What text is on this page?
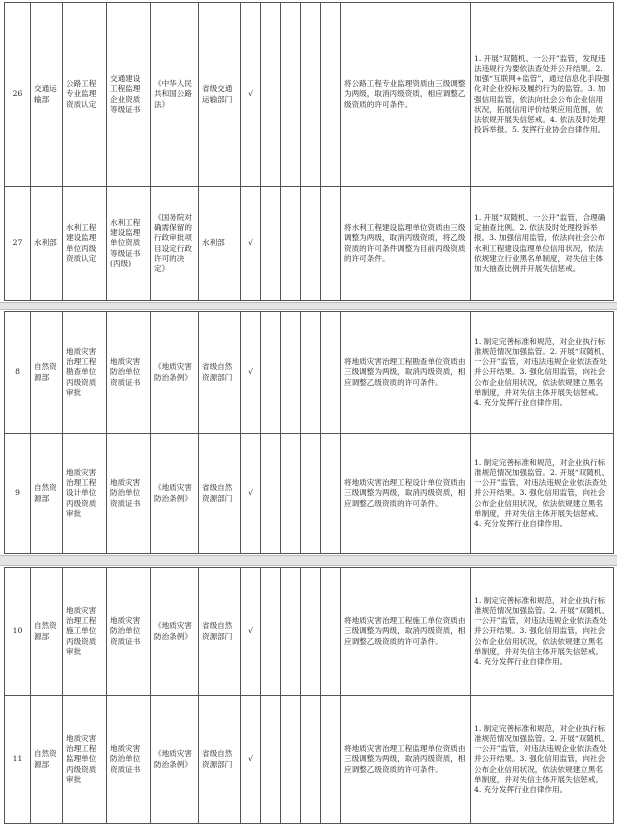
26	交通运输部	公路工程专业监理资质认定	交通建设工程监理企业资质等级证书	《中华人民共和国公路法》	省级交通运输部门	√					将公路工程专业监理资质由三级调整为两级，取消丙级资质，相应调整乙级资质的许可条件。	1. 开展“双随机、一公开”监管，发现违法违规行为要依法查处并公开结果。2. 加强“互联网+监管”，通过信息化手段强化对企业投标及履约行为的监管。3. 加强信用监管，依法向社会公布企业信用状况，拓展信用评价结果应用范围，依法依规开展失信惩戒。4. 依法及时处理投诉举报。5. 发挥行业协会自律作用。
27	水利部	水利工程建设监理单位丙级资质认定	水利工程建设监理单位资质等级证书(丙级)	《国务院对确需保留的行政审批项目设定行政许可的决定》	水利部	√					将水利工程建设监理单位资质由三级调整为两级，取消丙级资质，将乙级资质的许可条件调整为目前丙级资质的许可条件。	1. 开展“双随机、一公开”监管，合理确定抽查比例。2. 依法及时处理投诉举报。3. 加强信用监管，依法向社会公布水利工程建设监理单位信用状况，依法依规建立行业黑名单制度，对失信主体加大抽查比例并开展失信惩戒。
8	自然资源部	地质灾害治理工程勘查单位丙级资质审批	地质灾害防治单位资质证书	《地质灾害防治条例》	省级自然资源部门	√					将地质灾害治理工程勘查单位资质由三级调整为两级，取消丙级资质，相应调整乙级资质的许可条件。	1. 制定完善标准和规范，对企业执行标准规范情况加强监管。2. 开展“双随机、一公开”监管，对违法违规企业依法查处并公开结果。3. 强化信用监管，向社会公布企业信用状况，依法依规建立黑名单制度，并对失信主体开展失信惩戒。4. 充分发挥行业自律作用。
9	自然资源部	地质灾害治理工程设计单位丙级资质审批	地质灾害防治单位资质证书	《地质灾害防治条例》	省级自然资源部门	√					将地质灾害治理工程设计单位资质由三级调整为两级，取消丙级资质，相应调整乙级资质的许可条件。	1. 制定完善标准和规范，对企业执行标准规范情况加强监管。2. 开展“双随机、一公开”监管，对违法违规企业依法查处并公开结果。3. 强化信用监管，向社会公布企业信用状况，依法依规建立黑名单制度，并对失信主体开展失信惩戒。4. 充分发挥行业自律作用。
10	自然资源部	地质灾害治理工程施工单位丙级资质审批	地质灾害防治单位资质证书	《地质灾害防治条例》	省级自然资源部门	√					将地质灾害治理工程施工单位资质由三级调整为两级，取消丙级资质，相应调整乙级资质的许可条件。	1. 制定完善标准和规范，对企业执行标准规范情况加强监管。2. 开展“双随机、一公开”监管，对违法违规企业依法查处并公开结果。3. 强化信用监管，向社会公布企业信用状况，依法依规建立黑名单制度，并对失信主体开展失信惩戒。4. 充分发挥行业自律作用。
11	自然资源部	地质灾害治理工程监理单位丙级资质审批	地质灾害防治单位资质证书	《地质灾害防治条例》	省级自然资源部门	√					将地质灾害治理工程监理单位资质由三级调整为两级，取消丙级资质，相应调整乙级资质的许可条件。	1. 制定完善标准和规范，对企业执行标准规范情况加强监管。2. 开展“双随机、一公开”监管，对违法违规企业依法查处并公开结果。3. 强化信用监管，向社会公布企业信用状况，依法依规建立黑名单制度，并对失信主体开展失信惩戒。4. 充分发挥行业自律作用。
